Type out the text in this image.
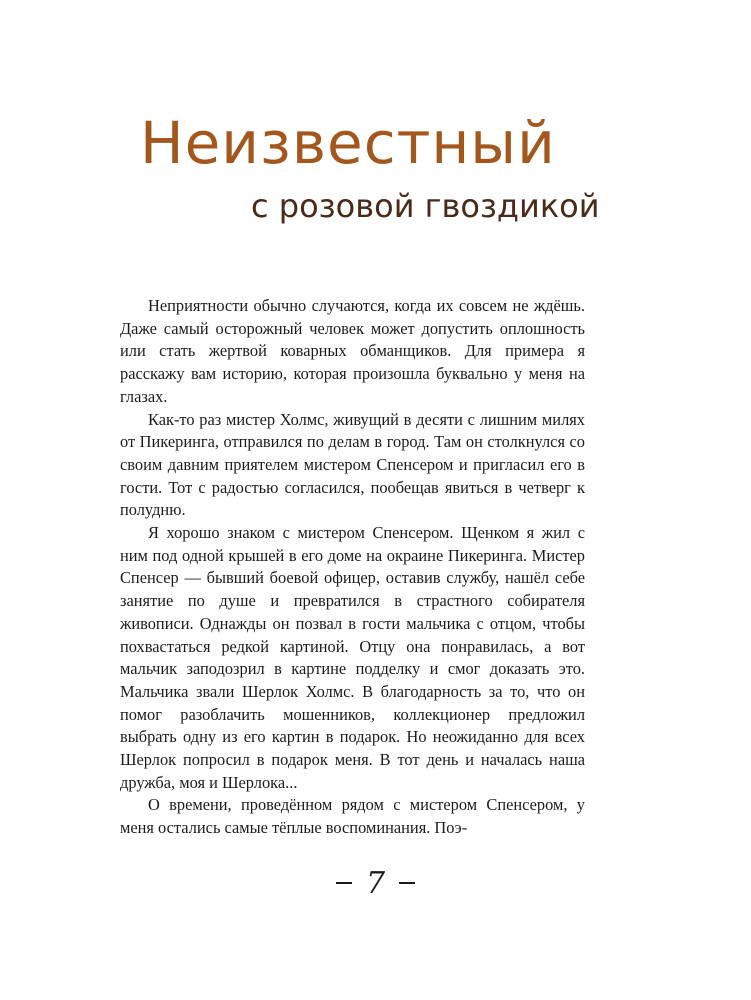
Неизвестный
с розовой гвоздикой

Неприятности обычно случаются, когда их совсем не ждёшь. Даже самый осторожный человек может допустить оплошность или стать жертвой коварных обманщиков. Для примера я расскажу вам историю, которая произошла буквально у меня на глазах.

Как-то раз мистер Холмс, живущий в десяти с лишним милях от Пикеринга, отправился по делам в город. Там он столкнулся со своим давним приятелем мистером Спенсером и пригласил его в гости. Тот с радостью согласился, пообещав явиться в четверг к полудню.

Я хорошо знаком с мистером Спенсером. Щенком я жил с ним под одной крышей в его доме на окраине Пикеринга. Мистер Спенсер — бывший боевой офицер, оставив службу, нашёл себе занятие по душе и превратился в страстного собирателя живописи. Однажды он позвал в гости мальчика с отцом, чтобы похвастаться редкой картиной. Отцу она понравилась, а вот мальчик заподозрил в картине подделку и смог доказать это. Мальчика звали Шерлок Холмс. В благодарность за то, что он помог разоблачить мошенников, коллекционер предложил выбрать одну из его картин в подарок. Но неожиданно для всех Шерлок попросил в подарок меня. В тот день и началась наша дружба, моя и Шерлока...

О времени, проведённом рядом с мистером Спенсером, у меня остались самые тёплые воспоминания. Поэ-

7
